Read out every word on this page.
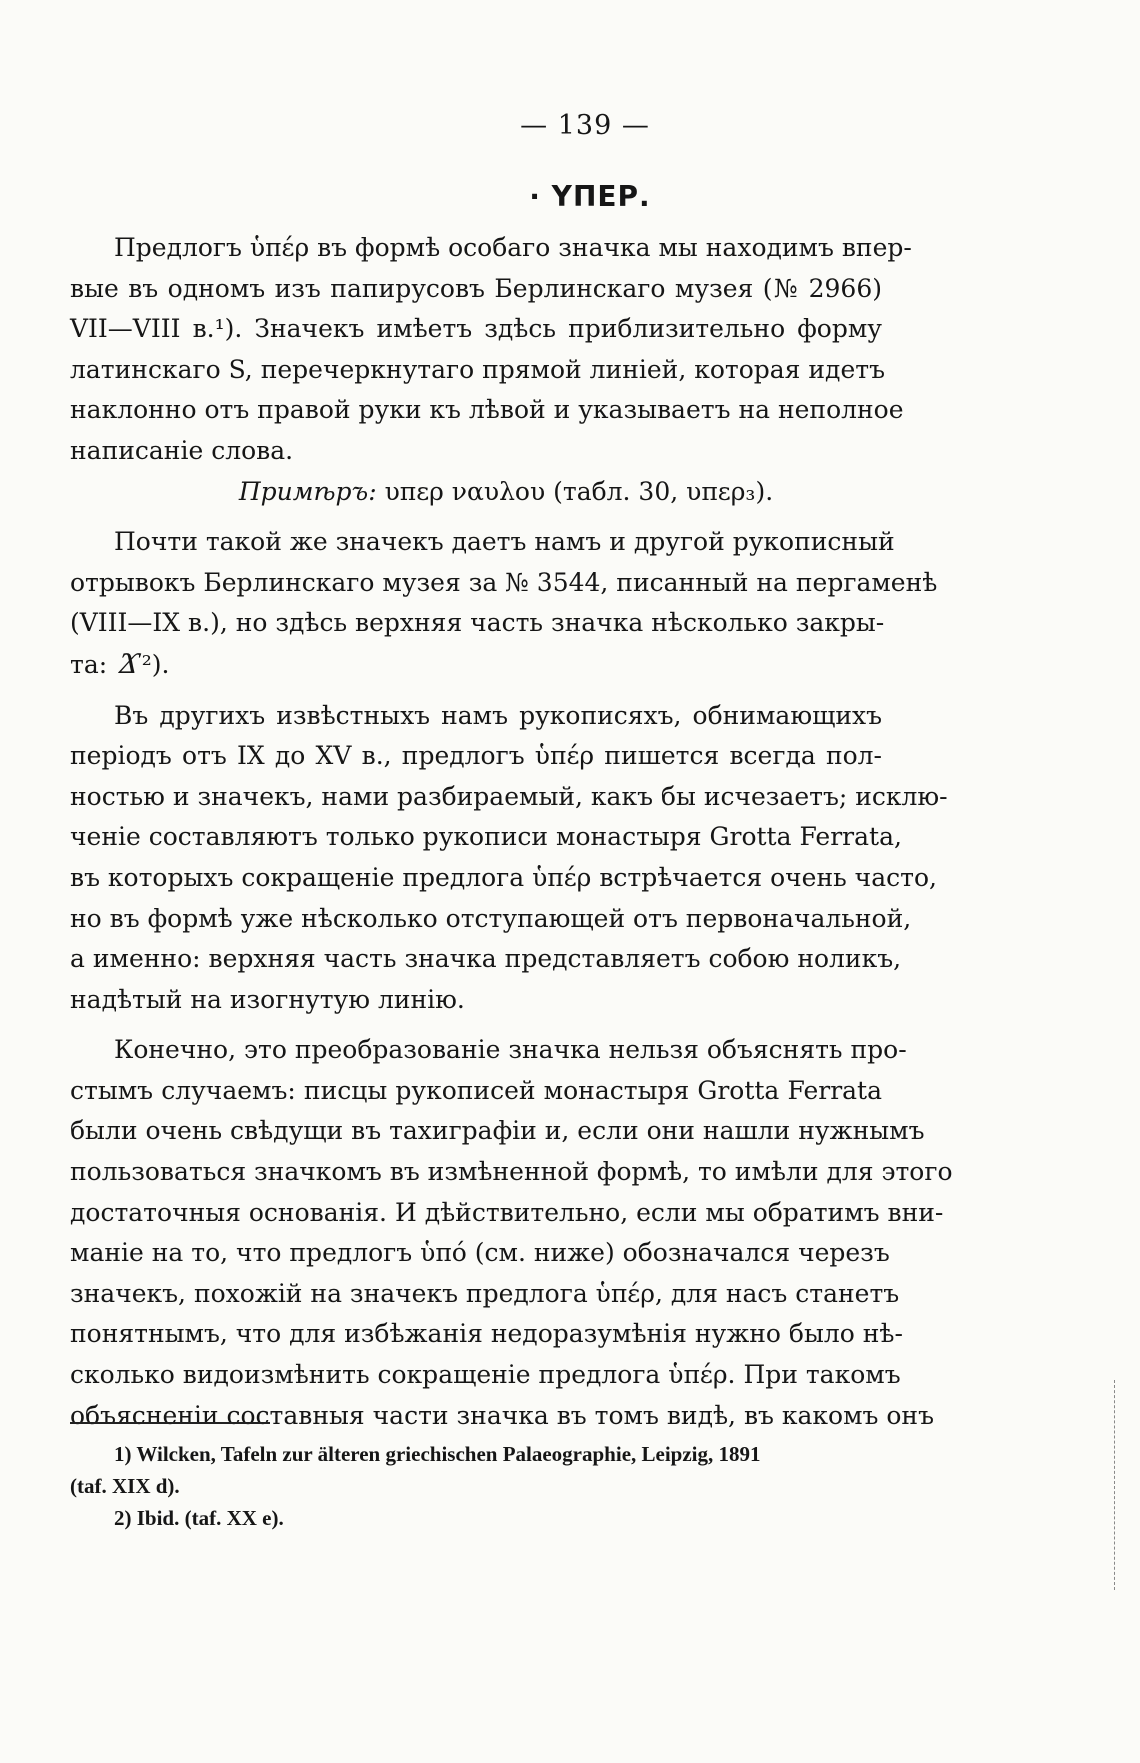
— 139 —
· ΥΠΕΡ.

Предлогъ ὑπέρ въ формѣ особаго значка мы находимъ впер-
вые въ одномъ изъ папирусовъ Берлинскаго музея (№ 2966)
VII—VIII в.¹). Значекъ имѣетъ здѣсь приблизительно форму
латинскаго S, перечеркнутаго прямой линіей, которая идетъ
наклонно отъ правой руки къ лѣвой и указываетъ на неполное
написаніе слова.

Примѣръ: υπερ ναυλου (табл. 30, υπερ₃).

Почти такой же значекъ даетъ намъ и другой рукописный
отрывокъ Берлинскаго музея за № 3544, писанный на пергаменѣ
(VIII—IX в.), но здѣсь верхняя часть значка нѣсколько закры-
та: Ϫ²).

Въ другихъ извѣстныхъ намъ рукописяхъ, обнимающихъ
періодъ отъ IX до XV в., предлогъ ὑπέρ пишется всегда пол-
ностью и значекъ, нами разбираемый, какъ бы исчезаетъ; исклю-
ченіе составляютъ только рукописи монастыря Grotta Ferrata,
въ которыхъ сокращеніе предлога ὑπέρ встрѣчается очень часто,
но въ формѣ уже нѣсколько отступающей отъ первоначальной,
а именно: верхняя часть значка представляетъ собою ноликъ,
надѣтый на изогнутую линію.

Конечно, это преобразованіе значка нельзя объяснять про-
стымъ случаемъ: писцы рукописей монастыря Grotta Ferrata
были очень свѣдущи въ тахиграфіи и, если они нашли нужнымъ
пользоваться значкомъ въ измѣненной формѣ, то имѣли для этого
достаточныя основанія. И дѣйствительно, если мы обратимъ вни-
маніе на то, что предлогъ ὑπό (см. ниже) обозначался черезъ
значекъ, похожій на значекъ предлога ὑπέρ, для насъ станетъ
понятнымъ, что для избѣжанія недоразумѣнія нужно было нѣ-
сколько видоизмѣнить сокращеніе предлога ὑπέρ. При такомъ
объясненіи составныя части значка въ томъ видѣ, въ какомъ онъ

1) Wilcken, Tafeln zur älteren griechischen Palaeographie, Leipzig, 1891
(taf. XIX d).
2) Ibid. (taf. XX e).
